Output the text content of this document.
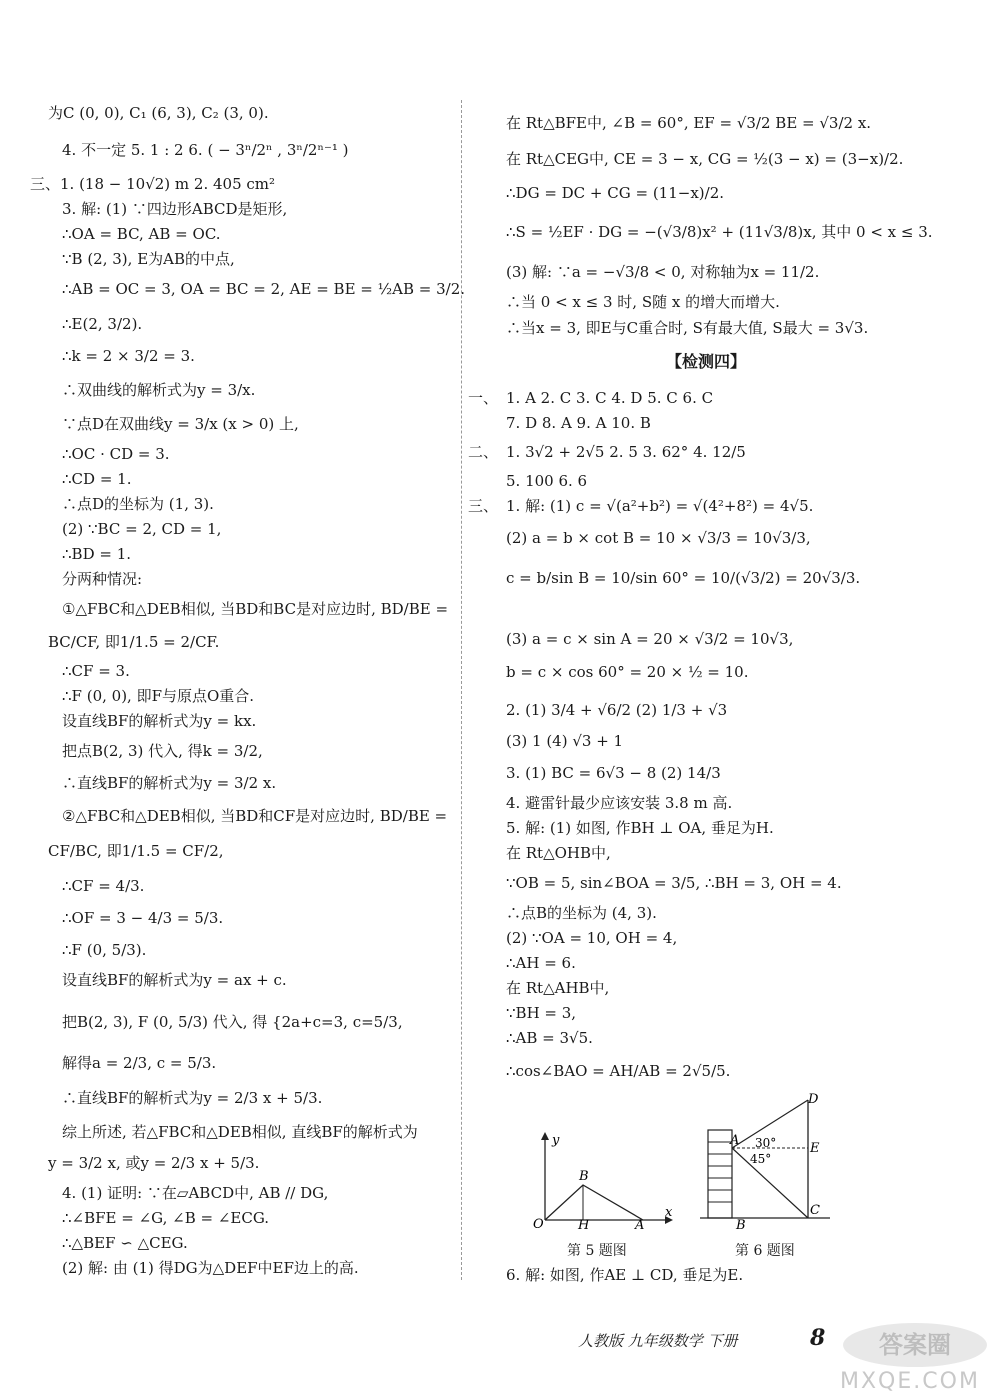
为C (0, 0), C₁ (6, 3), C₂ (3, 0).
4. 不一定 5. 1 : 2 6. ( − 3ⁿ/2ⁿ , 3ⁿ/2ⁿ⁻¹ )
三、1. (18 − 10√2) m 2. 405 cm²
3. 解: (1) ∵四边形ABCD是矩形,
∴OA = BC, AB = OC.
∵B (2, 3), E为AB的中点,
∴AB = OC = 3, OA = BC = 2, AE = BE = ½AB = 3/2.
∴E(2, 3/2).
∴k = 2 × 3/2 = 3.
∴双曲线的解析式为y = 3/x.
∵点D在双曲线y = 3/x (x > 0) 上,
∴OC · CD = 3.
∴CD = 1.
∴点D的坐标为 (1, 3).
(2) ∵BC = 2, CD = 1,
∴BD = 1.
分两种情况:
①△FBC和△DEB相似, 当BD和BC是对应边时, BD/BE =
BC/CF, 即1/1.5 = 2/CF.
∴CF = 3.
∴F (0, 0), 即F与原点O重合.
设直线BF的解析式为y = kx.
把点B(2, 3) 代入, 得k = 3/2,
∴直线BF的解析式为y = 3/2 x.
②△FBC和△DEB相似, 当BD和CF是对应边时, BD/BE =
CF/BC, 即1/1.5 = CF/2,
∴CF = 4/3.
∴OF = 3 − 4/3 = 5/3.
∴F (0, 5/3).
设直线BF的解析式为y = ax + c.
把B(2, 3), F (0, 5/3) 代入, 得 {2a+c=3, c=5/3,
解得a = 2/3, c = 5/3.
∴直线BF的解析式为y = 2/3 x + 5/3.
综上所述, 若△FBC和△DEB相似, 直线BF的解析式为
y = 3/2 x, 或y = 2/3 x + 5/3.
4. (1) 证明: ∵在▱ABCD中, AB // DG,
∴∠BFE = ∠G, ∠B = ∠ECG.
∴△BEF ∽ △CEG.
(2) 解: 由 (1) 得DG为△DEF中EF边上的高.
一、
二、
三、
【检测四】
在 Rt△BFE中, ∠B = 60°, EF = √3/2 BE = √3/2 x.
在 Rt△CEG中, CE = 3 − x, CG = ½(3 − x) = (3−x)/2.
∴DG = DC + CG = (11−x)/2.
∴S = ½EF · DG = −(√3/8)x² + (11√3/8)x, 其中 0 < x ≤ 3.
(3) 解: ∵a = −√3/8 < 0, 对称轴为x = 11/2.
∴当 0 < x ≤ 3 时, S随 x 的增大而增大.
∴当x = 3, 即E与C重合时, S有最大值, S最大 = 3√3.
1. A 2. C 3. C 4. D 5. C 6. C
7. D 8. A 9. A 10. B
1. 3√2 + 2√5 2. 5 3. 62° 4. 12/5
5. 100 6. 6
1. 解: (1) c = √(a²+b²) = √(4²+8²) = 4√5.
(2) a = b × cot B = 10 × √3/3 = 10√3/3,
c = b/sin B = 10/sin 60° = 10/(√3/2) = 20√3/3.
(3) a = c × sin A = 20 × √3/2 = 10√3,
b = c × cos 60° = 20 × ½ = 10.
2. (1) 3/4 + √6/2 (2) 1/3 + √3
(3) 1 (4) √3 + 1
3. (1) BC = 6√3 − 8 (2) 14/3
4. 避雷针最少应该安装 3.8 m 高.
5. 解: (1) 如图, 作BH ⊥ OA, 垂足为H.
在 Rt△OHB中,
∵OB = 5, sin∠BOA = 3/5, ∴BH = 3, OH = 4.
∴点B的坐标为 (4, 3).
(2) ∵OA = 10, OH = 4,
∴AH = 6.
在 Rt△AHB中,
∵BH = 3,
∴AB = 3√5.
∴cos∠BAO = AH/AB = 2√5/5.
6. 解: 如图, 作AE ⊥ CD, 垂足为E.
y
x
O
B
H	A
第 5 题图
A
B
C
D
E
30°
45°
第 6 题图
人教版 九年级数学 下册	8 答案圈
MXQE.COM
